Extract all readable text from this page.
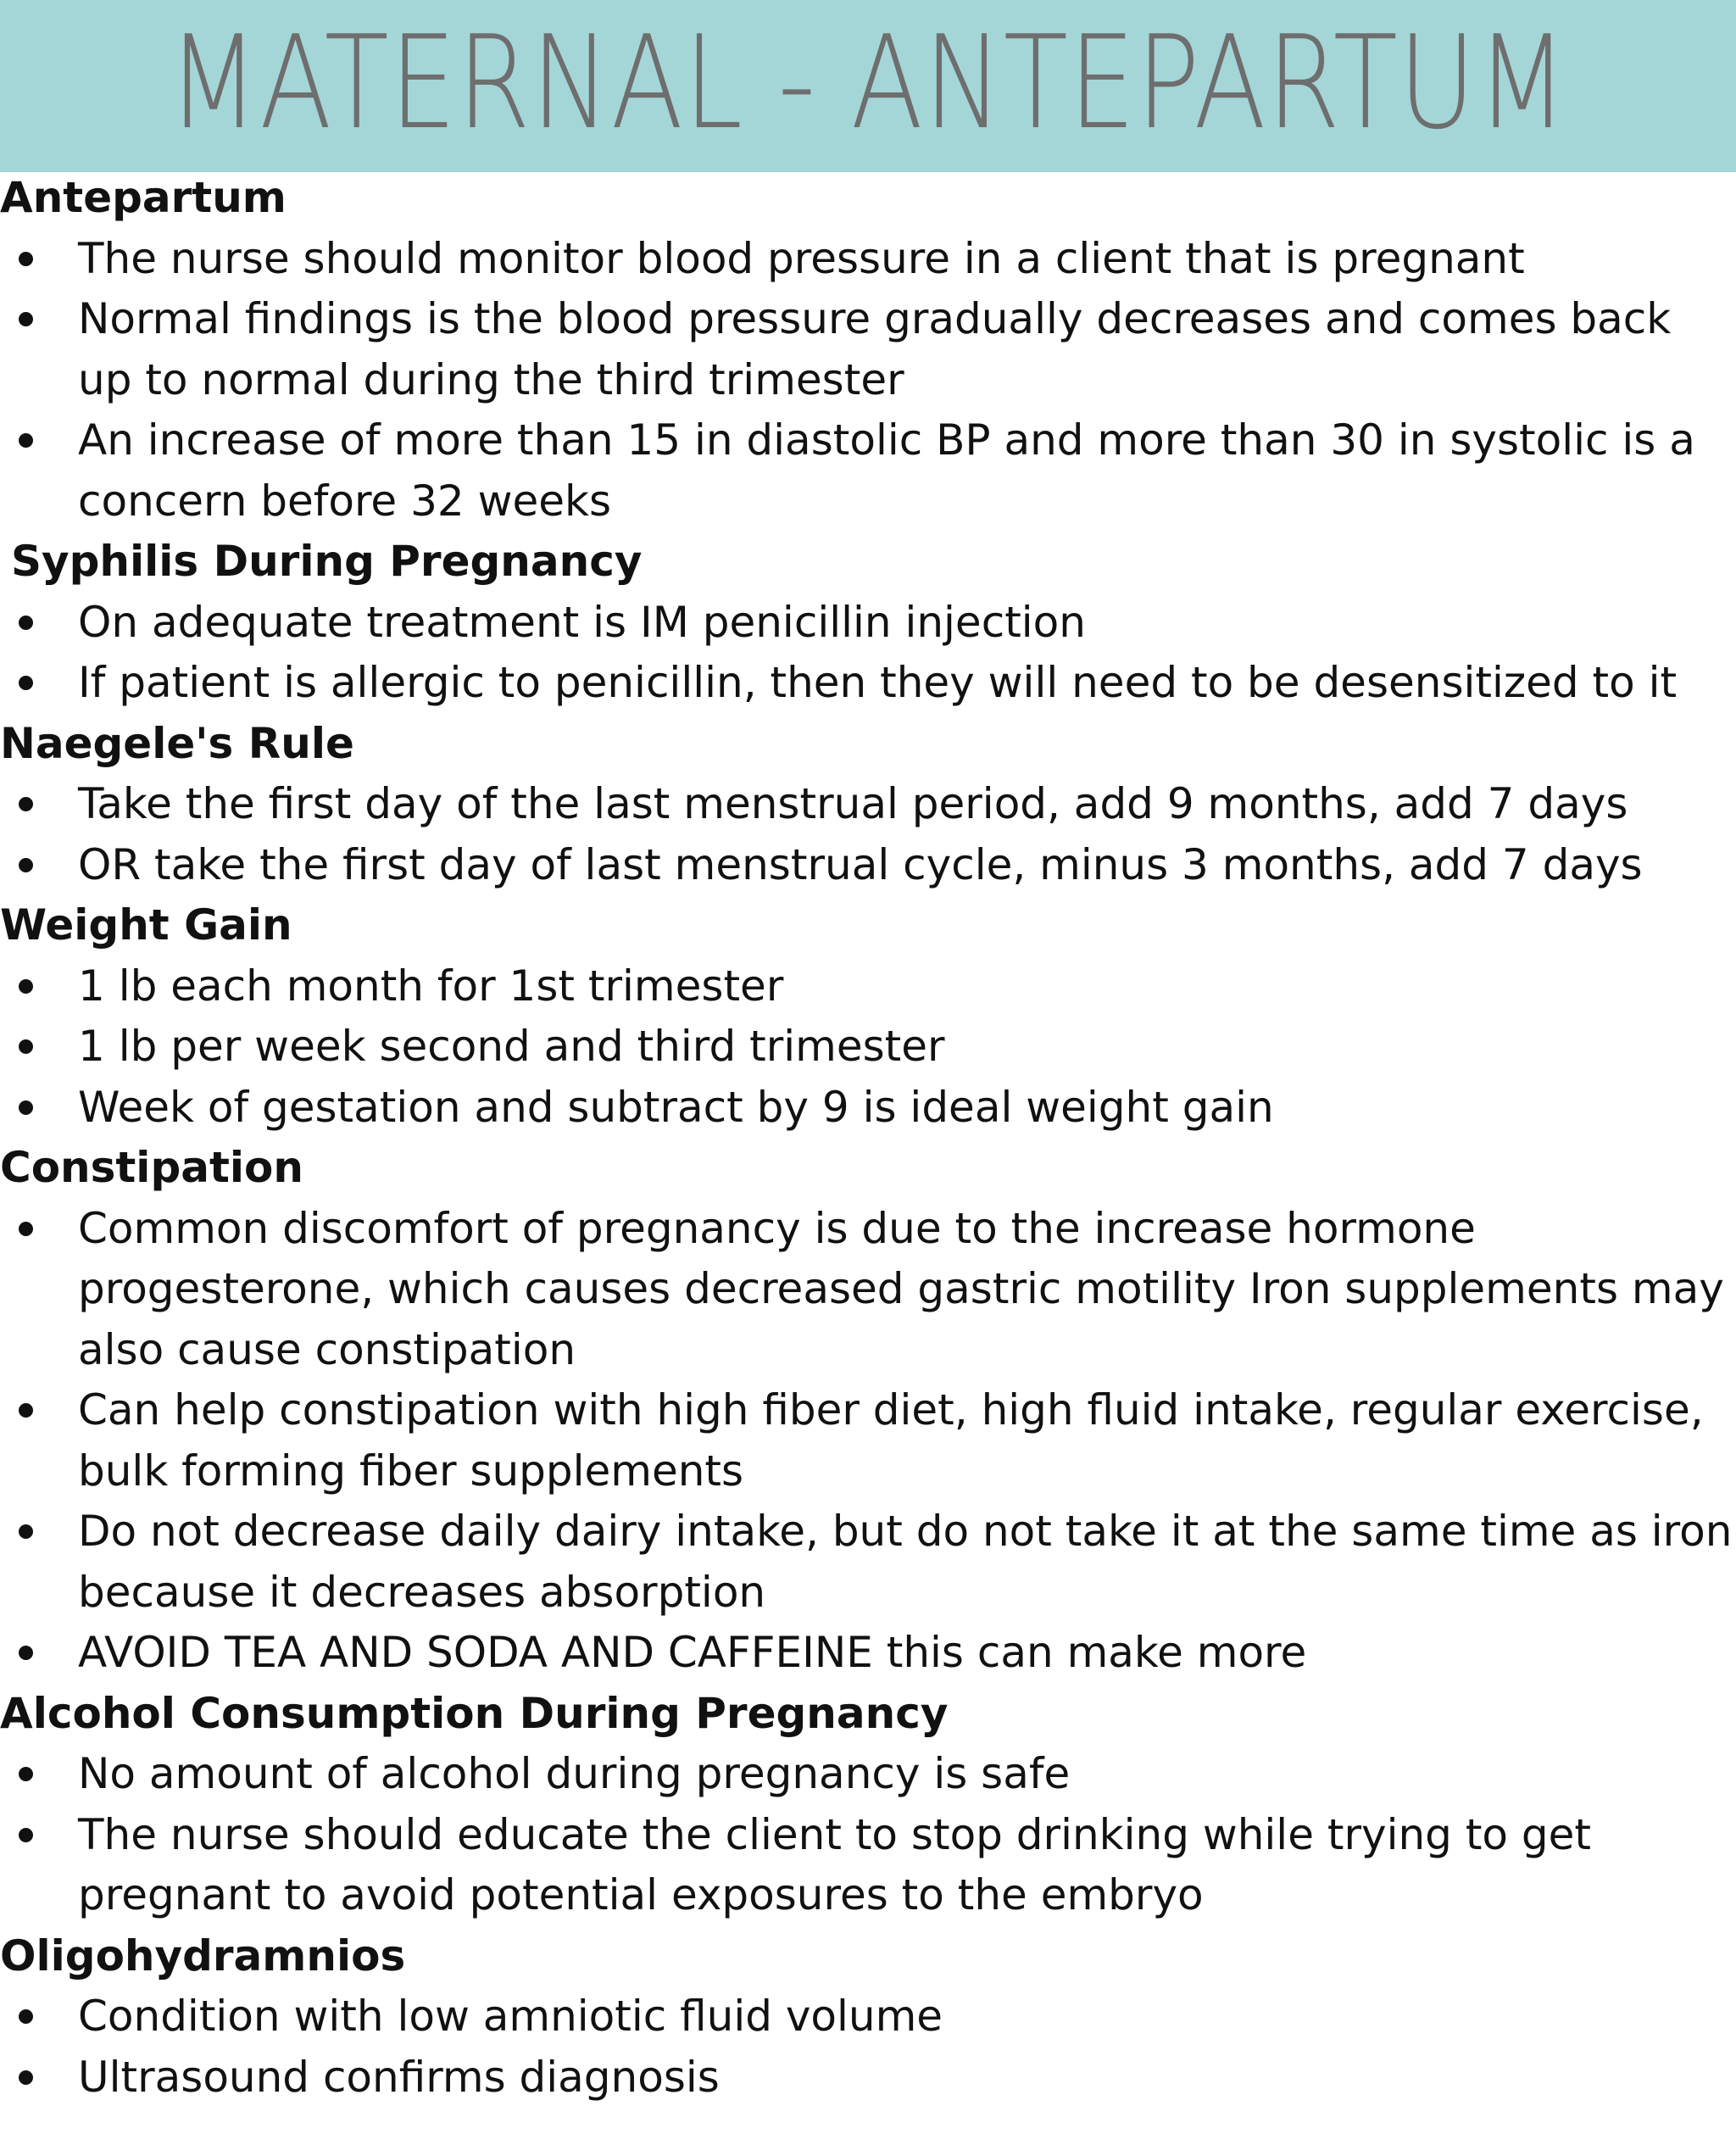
MATERNAL - ANTEPARTUM
Antepartum
The nurse should monitor blood pressure in a client that is pregnant
Normal findings is the blood pressure gradually decreases and comes back up to normal during the third trimester
An increase of more than 15 in diastolic BP and more than 30 in systolic is a concern before 32 weeks
Syphilis During Pregnancy
On adequate treatment is IM penicillin injection
If patient is allergic to penicillin, then they will need to be desensitized to it
Naegele's Rule
Take the first day of the last menstrual period, add 9 months, add 7 days
OR take the first day of last menstrual cycle, minus 3 months, add 7 days
Weight Gain
1 lb each month for 1st trimester
1 lb per week second and third trimester
Week of gestation and subtract by 9 is ideal weight gain
Constipation
Common discomfort of pregnancy is due to the increase hormone progesterone, which causes decreased gastric motility Iron supplements may also cause constipation
Can help constipation with high fiber diet, high fluid intake, regular exercise, bulk forming fiber supplements
Do not decrease daily dairy intake, but do not take it at the same time as iron because it decreases absorption
AVOID TEA AND SODA AND CAFFEINE this can make more
Alcohol Consumption During Pregnancy
No amount of alcohol during pregnancy is safe
The nurse should educate the client to stop drinking while trying to get pregnant to avoid potential exposures to the embryo
Oligohydramnios
Condition with low amniotic fluid volume
Ultrasound confirms diagnosis
